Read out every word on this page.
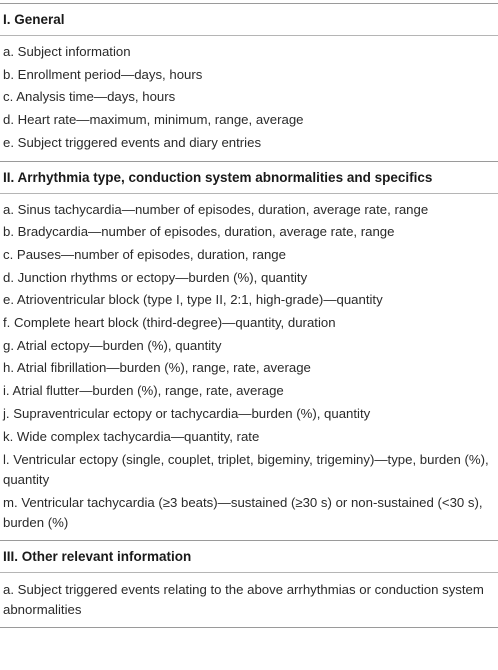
I. General
a. Subject information
b. Enrollment period—days, hours
c. Analysis time—days, hours
d. Heart rate—maximum, minimum, range, average
e. Subject triggered events and diary entries
II. Arrhythmia type, conduction system abnormalities and specifics
a. Sinus tachycardia—number of episodes, duration, average rate, range
b. Bradycardia—number of episodes, duration, average rate, range
c. Pauses—number of episodes, duration, range
d. Junction rhythms or ectopy—burden (%), quantity
e. Atrioventricular block (type I, type II, 2:1, high-grade)—quantity
f. Complete heart block (third-degree)—quantity, duration
g. Atrial ectopy—burden (%), quantity
h. Atrial fibrillation—burden (%), range, rate, average
i. Atrial flutter—burden (%), range, rate, average
j. Supraventricular ectopy or tachycardia—burden (%), quantity
k. Wide complex tachycardia—quantity, rate
l. Ventricular ectopy (single, couplet, triplet, bigeminy, trigeminy)—type, burden (%), quantity
m. Ventricular tachycardia (≥3 beats)—sustained (≥30 s) or non-sustained (<30 s), burden (%)
III. Other relevant information
a. Subject triggered events relating to the above arrhythmias or conduction system abnormalities
